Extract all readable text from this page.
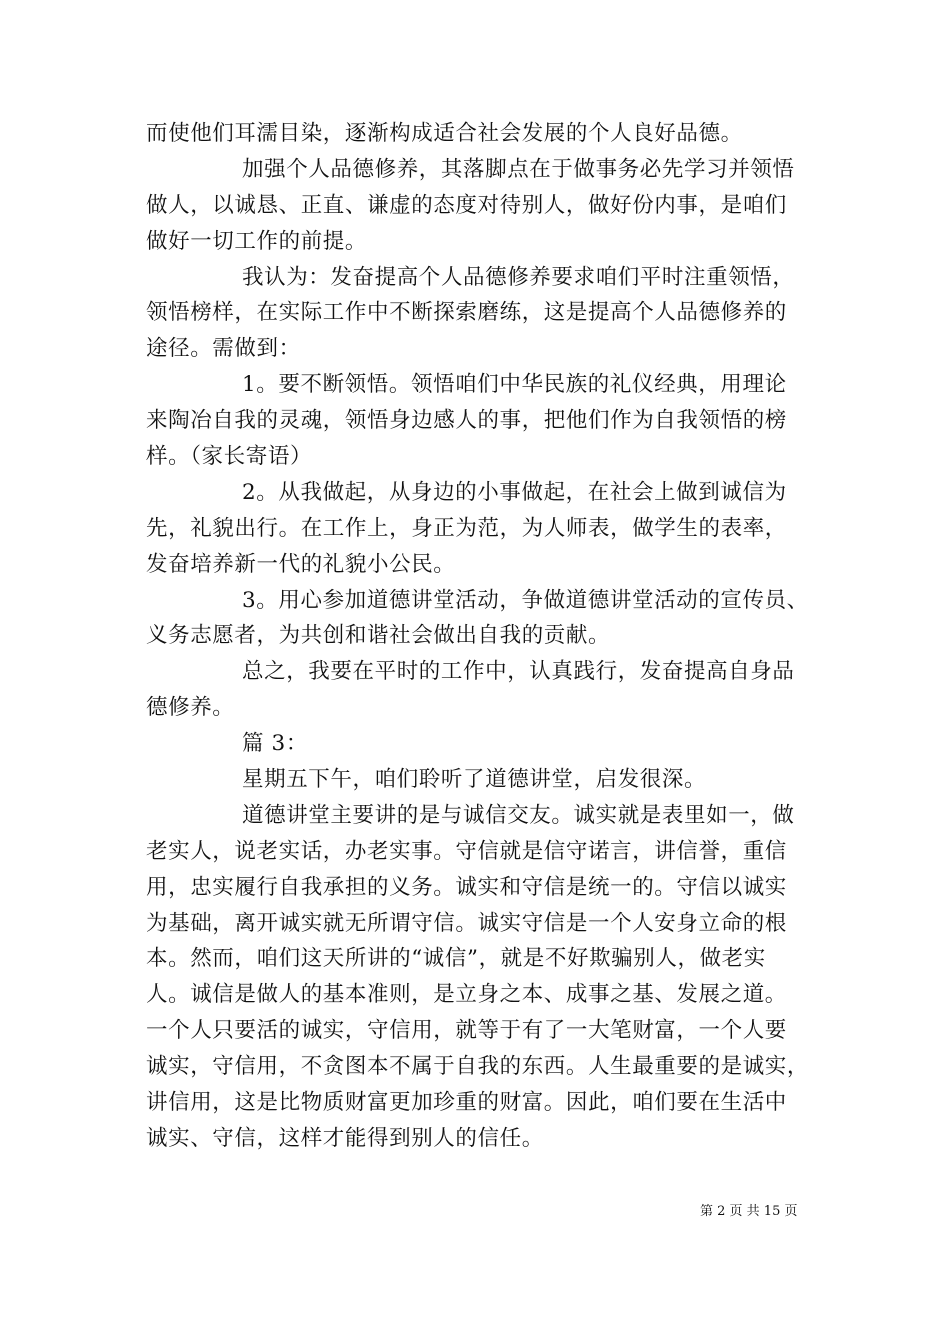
而使他们耳濡目染，逐渐构成适合社会发展的个人良好品德。
加强个人品德修养，其落脚点在于做事务必先学习并领悟
做人，以诚恳、正直、谦虚的态度对待别人，做好份内事，是咱们
做好一切工作的前提。
我认为：发奋提高个人品德修养要求咱们平时注重领悟，
领悟榜样，在实际工作中不断探索磨练，这是提高个人品德修养的
途径。需做到：
1。要不断领悟。领悟咱们中华民族的礼仪经典，用理论
来陶冶自我的灵魂，领悟身边感人的事，把他们作为自我领悟的榜
样。（家长寄语）
2。从我做起，从身边的小事做起，在社会上做到诚信为
先，礼貌出行。在工作上，身正为范，为人师表，做学生的表率，
发奋培养新一代的礼貌小公民。
3。用心参加道德讲堂活动，争做道德讲堂活动的宣传员、
义务志愿者，为共创和谐社会做出自我的贡献。
总之，我要在平时的工作中，认真践行，发奋提高自身品
德修养。
篇 3：
星期五下午，咱们聆听了道德讲堂，启发很深。
道德讲堂主要讲的是与诚信交友。诚实就是表里如一，做
老实人，说老实话，办老实事。守信就是信守诺言，讲信誉，重信
用，忠实履行自我承担的义务。诚实和守信是统一的。守信以诚实
为基础，离开诚实就无所谓守信。诚实守信是一个人安身立命的根
本。然而，咱们这天所讲的“诚信”，就是不好欺骗别人，做老实
人。诚信是做人的基本准则，是立身之本、成事之基、发展之道。
一个人只要活的诚实，守信用，就等于有了一大笔财富，一个人要
诚实，守信用，不贪图本不属于自我的东西。人生最重要的是诚实，
讲信用，这是比物质财富更加珍重的财富。因此，咱们要在生活中
诚实、守信，这样才能得到别人的信任。
第 2 页 共 15 页
